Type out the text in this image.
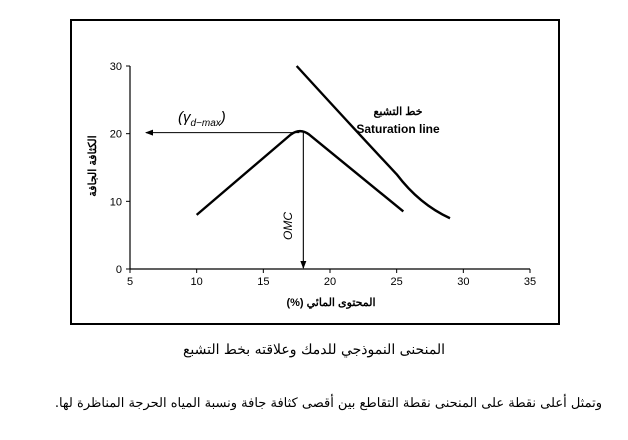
5	10	15	20	25	30	35
0
10
20
30
$(\gamma_{d-max})$	خط التشبع
Saturation line
OMC
المحتوى المائي (%)
الكثافة الجافة
المنحنى النموذجي للدمك وعلاقته بخط التشبع
وتمثل أعلى نقطة على المنحنى نقطة التقاطع بين أقصى كثافة جافة ونسبة المياه الحرجة المناظرة لها.
